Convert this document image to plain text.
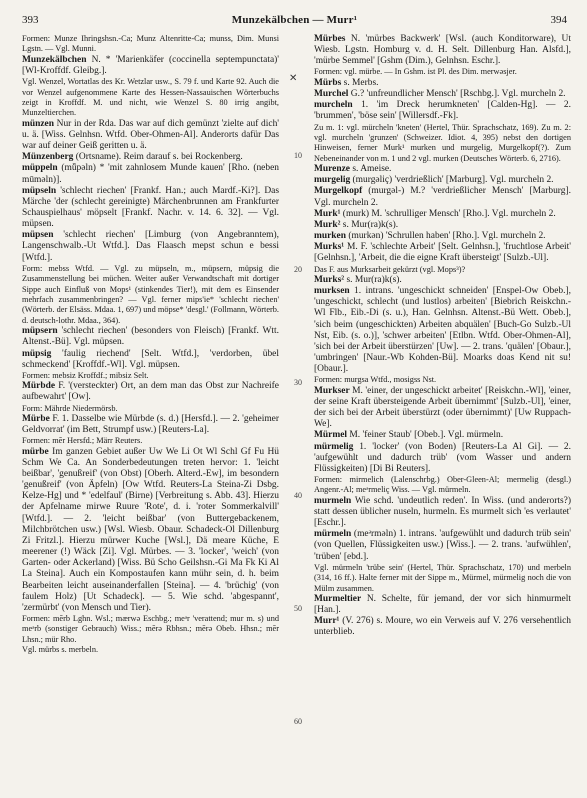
393	Munzekälbchen — Murr¹	394

Formen: Munze Ihringshsn.-Ca; Munz Altenritte-Ca; munss, Dim. Munsi Lgstn. — Vgl. Munni.

Munzekälbchen N. * 'Marienkäfer (coccinella septempunctata)' [Wl-Kroffdf. Gleibg.].

Vgl. Wenzel, Wortatlas des Kr. Wetzlar usw., S. 79 f. und Karte 92. Auch die vor Wenzel aufgenommene Karte des Hessen-Nassauischen Wörterbuchs zeigt in Kroffdf. M. und nicht, wie Wenzel S. 80 irrig angibt, Munzeltierchen.

münzen Nur in der Rda. Das war auf dich gemünzt 'zielte auf dich' u. ä. [Wiss. Gelnhsn. Wtfd. Ober-Ohmen-Al]. Anderorts dafür Das war auf deiner Geiß geritten u. ä.

Münzenberg (Ortsname). Reim darauf s. bei Rockenberg.

müppeln (mǖpəln) * 'mit zahnlosem Munde kauen' [Rho. (neben mūməln)].

müpseln 'schlecht riechen' [Frankf. Han.; auch Mardf.-Ki?]. Das Märche 'der (schlecht gereinigte) Märchenbrunnen am Frankfurter Schauspielhaus' möpselt [Frankf. Nachr. v. 14. 6. 32]. — Vgl. müpsen.

müpsen 'schlecht riechen' [Limburg (von Angebranntem), Langenschwalb.-Ut Wtfd.]. Das Flaasch mepst schun e bessi [Wtfd.].

Form: mebss Wtfd. — Vgl. zu müpseln, m., müpsern, müpsig die Zusammenstellung bei müchen. Weiter außer Verwandtschaft mit dortiger Sippe auch Einfluß von Mops¹ (stinkendes Tier!), mit dem es Einsender mehrfach zusammenbringen? — Vgl. ferner mips'ie* 'schlecht riechen' (Wörterb. der Elsäss. Mdaa. 1, 697) und möpse* 'desgl.' (Follmann, Wörterb. d. deutsch-lothr. Mdaa., 364).

müpsern 'schlecht riechen' (besonders von Fleisch) [Frankf. Wtt. Altenst.-Bü]. Vgl. müpsen.

müpsig 'faulig riechend' [Selt. Wtfd.], 'verdorben, übel schmeckend' [Kroffdf.-Wl]. Vgl. müpsen.

Formen: mebsiz Kroffdf.; mibsiz Selt.

Mürbde F. '(versteckter) Ort, an dem man das Obst zur Nachreife aufbewahrt' [Ow].

Form: Mährde Niedermörsb.

Mürbe F. 1. Dasselbe wie Mürbde (s. d.) [Hersfd.]. — 2. 'geheimer Geldvorrat' (im Bett, Strumpf usw.) [Reuters-La].

Formen: mēr Hersfd.; Märr Reuters.

mürbe Im ganzen Gebiet außer Uw We Li Ot Wl Schl Gf Fu Hü Schm We Ca. An Sonderbedeutungen treten hervor: 1. 'leicht beißbar', 'genußreif' (von Obst) [Oberh. Alterd.-Ew], im besondern 'genußreif' (von Äpfeln) [Ow Wtfd. Reuters-La Steina-Zi Dsbg. Kelze-Hg] und * 'edelfaul' (Birne) [Verbreitung s. Abb. 43]. Hierzu der Apfelname mirwe Ruure 'Rote', d. i. 'roter Sommerkalvill' [Wtfd.]. — 2. 'leicht beißbar' (von Buttergebackenem, Milchbrötchen usw.) [Wsl. Wiesb. Obaur. Schadeck-Ol Dillenburg Zi Fritzl.]. Hierzu mürwer Kuche [Wsl.], Dä meare Küche, E meerener (!) Wäck [Zi]. Vgl. Mürbes. — 3. 'locker', 'weich' (von Garten- oder Ackerland) [Wiss. Bü Scho Geilshsn.-Gi Ma Fk Ki Al La Steina]. Auch ein Kompostaufen kann mühr sein, d. h. beim Bearbeiten leicht auseinanderfallen [Steina]. — 4. 'brüchig' (von faulem Holz) [Ut Schadeck]. — 5. Wie schd. 'abgespannt', 'zermürbt' (von Mensch und Tier).

Formen: mērb Lghn. Wsl.; mærwə Eschbg.; meᵊr 'verattend; mur m. s) und meᵊrb (sonstiger Gebrauch) Wiss.; mērə Rbhsn.; mērə Obeb. Hhsn.; mēr Lhsn.; mür Rho.

Vgl. mürbs s. merbeln.

✕
10
20
30
40
50
60

Mürbes N. 'mürbes Backwerk' [Wsl. (auch Konditorware), Ut Wiesb. Lgstn. Homburg v. d. H. Selt. Dillenburg Han. Alsfd.], 'mürbe Semmel' [Gshm (Dim.), Gelnhsn. Eschr.].

Formen: vgl. mürbe. — In Gshm. ist Pl. des Dim. merwəsjer.

Mürbs s. Merbs.

Murchel G.? 'unfreundlicher Mensch' [Rschbg.]. Vgl. murcheln 2.

murcheln 1. 'im Dreck herumkneten' [Calden-Hg]. — 2. 'brummen', 'böse sein' [Willersdf.-Fk].

Zu m. 1: vgl. mürcheln 'kneten' (Hertel, Thür. Sprachschatz, 169). Zu m. 2: vgl. murcheln 'grunzen' (Schweizer. Idiot. 4, 395) nebst den dortigen Hinweisen, ferner Murk¹ murken und murgelig, Murgelkopf(?). Zum Nebeneinander von m. 1 und 2 vgl. murken (Deutsches Wörterb. 6, 2716).

Murenze s. Ameise.

murgelig (murgəliç) 'verdrießlich' [Marburg]. Vgl. murcheln 2.

Murgelkopf (murgəl-) M.? 'verdrießlicher Mensch' [Marburg]. Vgl. murcheln 2.

Murk¹ (murk) M. 'schrulliger Mensch' [Rho.]. Vgl. murcheln 2.

Murk² s. Mur(ra)k(s).

murken (murkən) 'Schrullen haben' [Rho.]. Vgl. murcheln 2.

Murks¹ M. F. 'schlechte Arbeit' [Selt. Gelnhsn.], 'fruchtlose Arbeit' [Gelnhsn.], 'Arbeit, die die eigne Kraft übersteigt' [Sulzb.-Ul].

Das F. aus Murksarbeit gekürzt (vgl. Mops³)?

Murks² s. Mur(ra)k(s).

murksen 1. intrans. 'ungeschickt schneiden' [Enspel-Ow Obeb.], 'ungeschickt, schlecht (und lustlos) arbeiten' [Biebrich Reiskchn.-Wl Flb., Eib.-Di (s. u.), Han. Gelnhsn. Altenst.-Bü Wett. Obeb.], 'sich beim (ungeschickten) Arbeiten abquälen' [Buch-Go Sulzb.-Ul Nst, Eib. (s. o.)], 'schwer arbeiten' [Etlbn. Wtfd. Ober-Ohmen-Al], 'sich bei der Arbeit überstürzen' [Uw]. — 2. trans. 'quälen' [Obaur.], 'umbringen' [Naur.-Wb Kohden-Bü]. Moarks doas Kend nit su! [Obaur.].

Formen: murgsa Wtfd., mosigss Nst.

Murkser M. 'einer, der ungeschickt arbeitet' [Reiskchn.-Wl], 'einer, der seine Kraft übersteigende Arbeit übernimmt' [Sulzb.-Ul], 'einer, der sich bei der Arbeit überstürzt (oder übernimmt)' [Uw Ruppach-We].

Mürmel M. 'feiner Staub' [Obeb.]. Vgl. mürmeln.

mürmelig 1. 'locker' (von Boden) [Reuters-La Al Gi]. — 2. 'aufgewühlt und dadurch trüb' (vom Wasser und andern Flüssigkeiten) [Di Bi Reuters].

Formen: mirmelich (Lalenschrbg.) Ober-Gleen-Al; mermelig (desgl.) Angenr.-Al; meᵊrmeliç Wiss. — Vgl. mürmeln.

murmeln Wie schd. 'undeutlich reden'. In Wiss. (und anderorts?) statt dessen üblicher nuseln, hurmeln. Es murmelt sich 'es verlautet' [Eschr.].

mürmeln (meᵊrməln) 1. intrans. 'aufgewühlt und dadurch trüb sein' (von Quellen, Flüssigkeiten usw.) [Wiss.]. — 2. trans. 'aufwühlen', 'trüben' [ebd.].

Vgl. mürmeln 'trübe sein' (Hertel, Thür. Sprachschatz, 170) und merbeln (314, 16 ff.). Halte ferner mit der Sippe m., Mürmel, mürmelig noch die von Mülm zusammen.

Murmeltier N. Schelte, für jemand, der vor sich hinmurmelt [Han.].

Murr¹ (V. 276) s. Moure, wo ein Verweis auf V. 276 versehentlich unterblieb.
